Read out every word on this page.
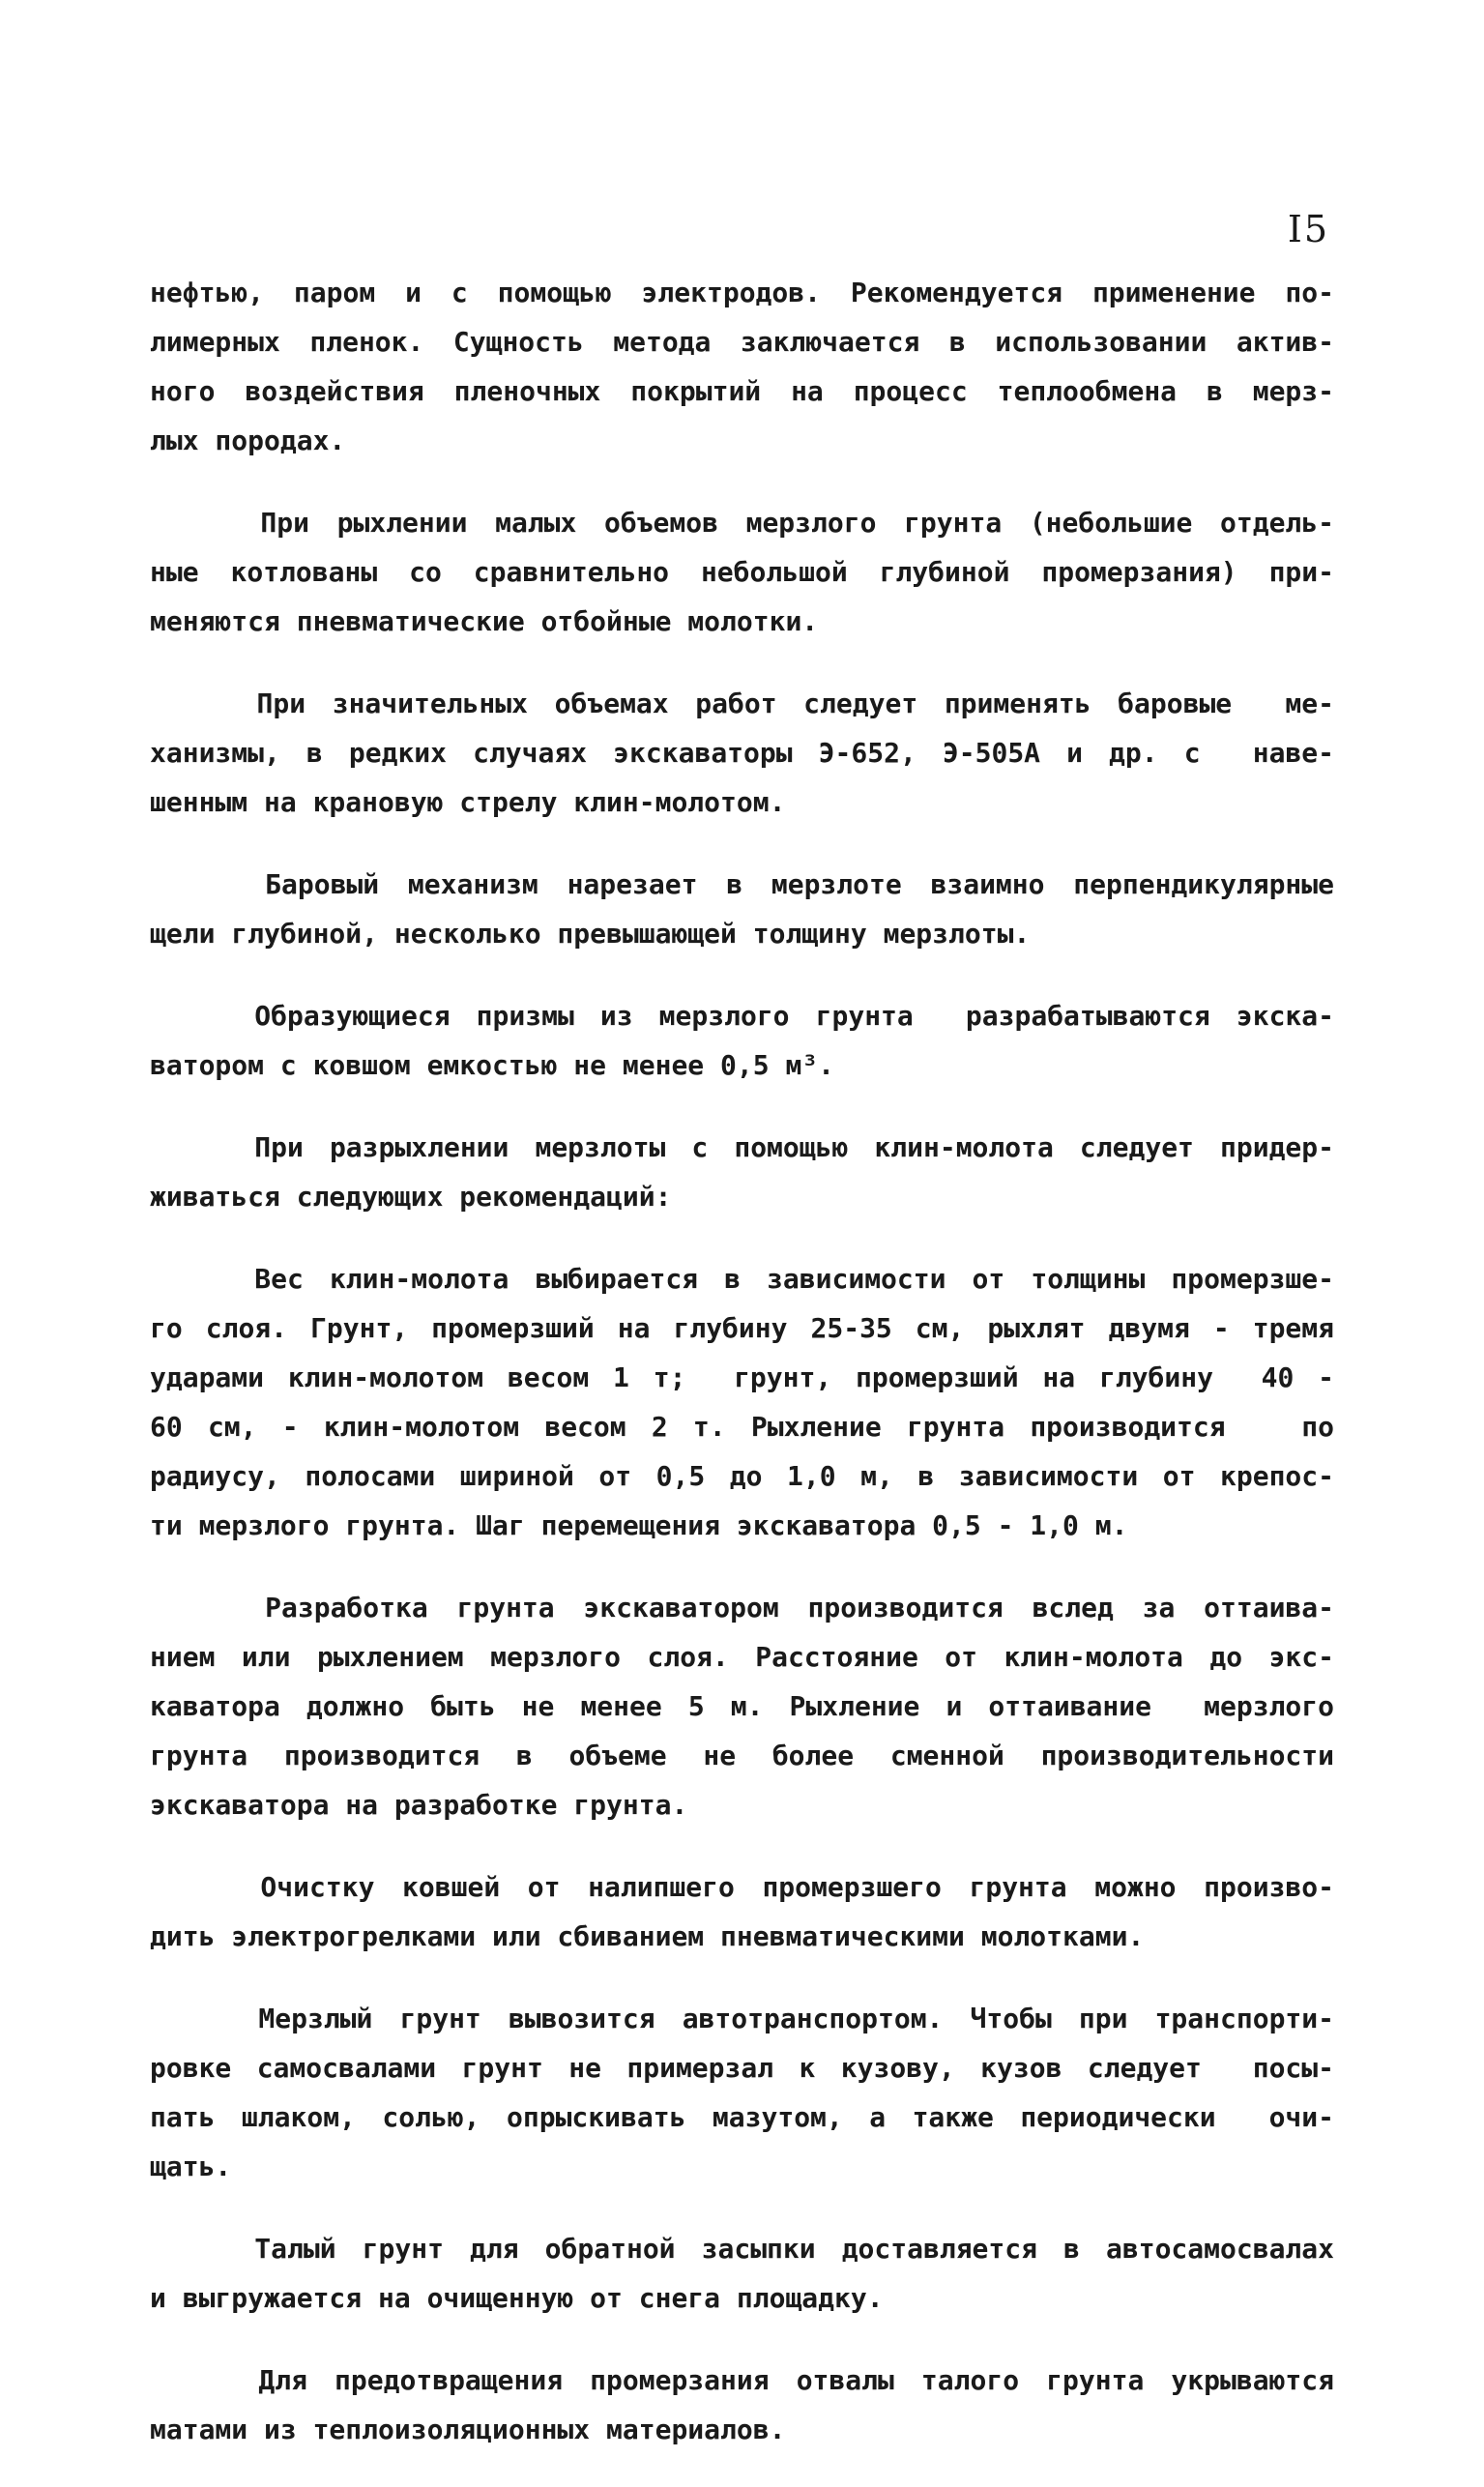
I5
нефтью, паром и с помощью электродов. Рекомендуется применение по-
лимерных пленок. Сущность метода заключается в использовании актив-
ного воздействия пленочных покрытий на процесс теплообмена в мерз-
лых породах.
При рыхлении малых объемов мерзлого грунта (небольшие отдель-
ные котлованы со сравнительно небольшой глубиной промерзания) при-
меняются пневматические отбойные молотки.
При значительных объемах работ следует применять баровые  ме-
ханизмы, в редких случаях экскаваторы Э-652, Э-505А и др. с  наве-
шенным на крановую стрелу клин-молотом.
Баровый механизм нарезает в мерзлоте взаимно перпендикулярные
щели глубиной, несколько превышающей толщину мерзлоты.
Образующиеся призмы из мерзлого грунта  разрабатываются экска-
ватором с ковшом емкостью не менее 0,5 м³.
При разрыхлении мерзлоты с помощью клин-молота следует придер-
живаться следующих рекомендаций:
Вес клин-молота выбирается в зависимости от толщины промерзше-
го слоя. Грунт, промерзший на глубину 25-35 см, рыхлят двумя - тремя
ударами клин-молотом весом 1 т;  грунт, промерзший на глубину  40 -
60 см, - клин-молотом весом 2 т. Рыхление грунта производится   по
радиусу, полосами шириной от 0,5 до 1,0 м, в зависимости от крепос-
ти мерзлого грунта. Шаг перемещения экскаватора 0,5 - 1,0 м.
Разработка грунта экскаватором производится вслед за оттаива-
нием или рыхлением мерзлого слоя. Расстояние от клин-молота до экс-
каватора должно быть не менее 5 м. Рыхление и оттаивание  мерзлого
грунта производится в объеме не более сменной производительности
экскаватора на разработке грунта.
Очистку ковшей от налипшего промерзшего грунта можно произво-
дить электрогрелками или сбиванием пневматическими молотками.
Мерзлый грунт вывозится автотранспортом. Чтобы при транспорти-
ровке самосвалами грунт не примерзал к кузову, кузов следует  посы-
пать шлаком, солью, опрыскивать мазутом, а также периодически  очи-
щать.
Талый грунт для обратной засыпки доставляется в автосамосвалах
и выгружается на очищенную от снега площадку.
Для предотвращения промерзания отвалы талого грунта укрываются
матами из теплоизоляционных материалов.
